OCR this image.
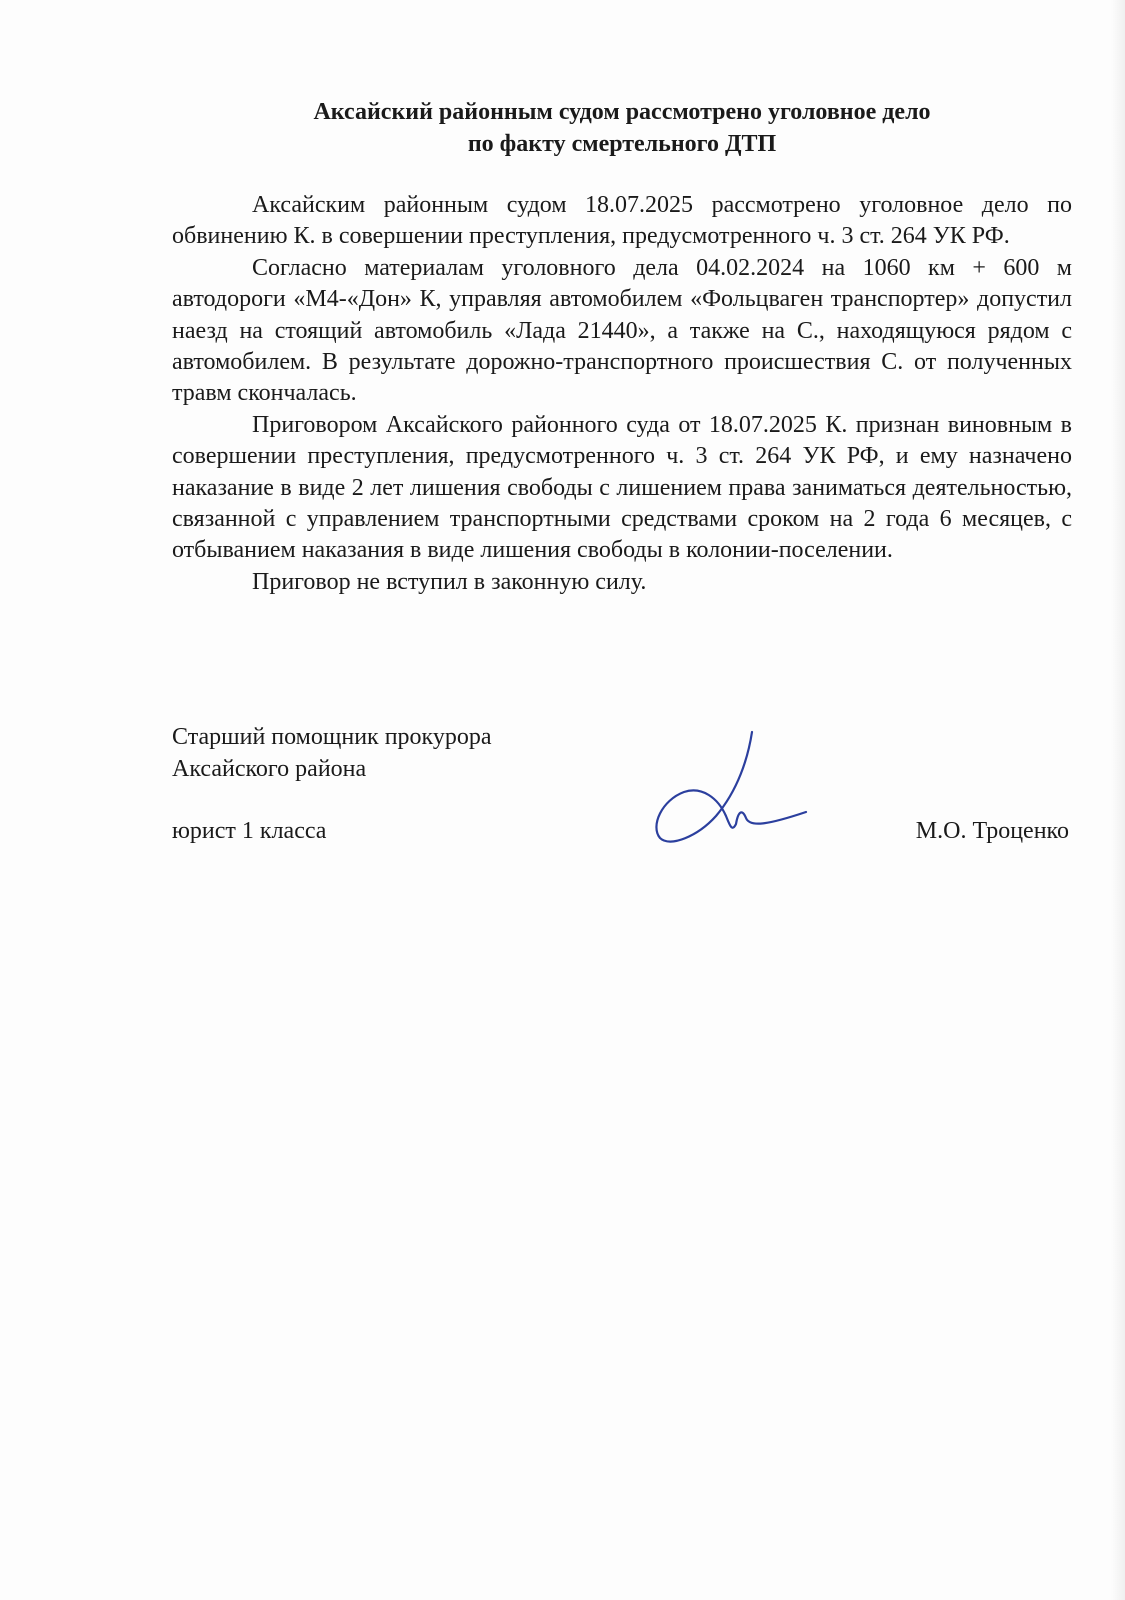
Аксайский районным судом рассмотрено уголовное дело
по факту смертельного ДТП

Аксайским районным судом 18.07.2025 рассмотрено уголовное дело по обвинению К. в совершении преступления, предусмотренного ч. 3 ст. 264 УК РФ.

Согласно материалам уголовного дела 04.02.2024 на 1060 км + 600 м автодороги «М4-«Дон» К, управляя автомобилем «Фольцваген транспортер» допустил наезд на стоящий автомобиль «Лада 21440», а также на С., находящуюся рядом с автомобилем. В результате дорожно-транспортного происшествия С. от полученных травм скончалась.

Приговором Аксайского районного суда от 18.07.2025 К. признан виновным в совершении преступления, предусмотренного ч. 3 ст. 264 УК РФ, и ему назначено наказание в виде 2 лет лишения свободы с лишением права заниматься деятельностью, связанной с управлением транспортными средствами сроком на 2 года 6 месяцев, с отбыванием наказания в виде лишения свободы в колонии-поселении.

Приговор не вступил в законную силу.

Старший помощник прокурора
Аксайского района
юрист 1 класса	М.О. Троценко
